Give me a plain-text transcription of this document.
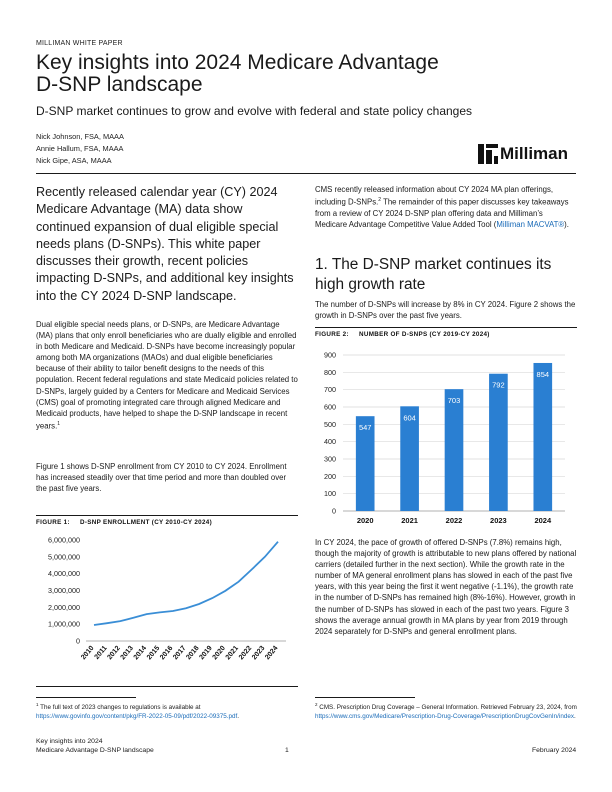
MILLIMAN WHITE PAPER
Key insights into 2024 Medicare Advantage D-SNP landscape
D-SNP market continues to grow and evolve with federal and state policy changes
Nick Johnson, FSA, MAAA
Annie Hallum, FSA, MAAA
Nick Gipe, ASA, MAAA	Milliman
Recently released calendar year (CY) 2024 Medicare Advantage (MA) data show continued expansion of dual eligible special needs plans (D-SNPs). This white paper discusses their growth, recent policies impacting D-SNPs, and additional key insights into the CY 2024 D-SNP landscape.
Dual eligible special needs plans, or D-SNPs, are Medicare Advantage (MA) plans that only enroll beneficiaries who are dually eligible and enrolled in both Medicare and Medicaid. D-SNPs have become increasingly popular among both MA organizations (MAOs) and dual eligible beneficiaries because of their ability to tailor benefit designs to the needs of this population. Recent federal regulations and state Medicaid policies related to D-SNPs, largely guided by a Centers for Medicare and Medicaid Services (CMS) goal of promoting integrated care through aligned Medicare and Medicaid products, have helped to shape the D-SNP landscape in recent years.$^1$
Figure 1 shows D-SNP enrollment from CY 2010 to CY 2024. Enrollment has increased steadily over that time period and more than doubled over the past five years.
FIGURE 1: D-SNP ENROLLMENT (CY 2010-CY 2024)
6,000,000
5,000,000
4,000,000
3,000,000
2,000,000
1,000,000
0
2010
2011
2012
2013
2014
2015
2016
2017
2018
2019
2020
2021
2022
2023
2024
CMS recently released information about CY 2024 MA plan offerings, including D-SNPs.$^2$ The remainder of this paper discusses key takeaways from a review of CY 2024 D-SNP plan offering data and Milliman’s Medicare Advantage Competitive Value Added Tool (Milliman MACVAT®).
1. The D-SNP market continues its high growth rate
The number of D-SNPs will increase by 8% in CY 2024. Figure 2 shows the growth in D-SNPs over the past five years.
FIGURE 2: NUMBER OF D-SNPS (CY 2019-CY 2024)
900
800
700
600
500
400
300
200
100
0
547
604
703
792
854
2020	2021	2022	2023	2024
In CY 2024, the pace of growth of offered D-SNPs (7.8%) remains high, though the majority of growth is attributable to new plans offered by national carriers (detailed further in the next section). While the growth rate in the number of MA general enrollment plans has slowed in each of the past five years, with this year being the first it went negative (-1.1%), the growth rate in the number of D-SNPs has remained high (8%-16%). However, growth in the number of D-SNPs has slowed in each of the past two years. Figure 3 shows the average annual growth in MA plans by year from 2019 through 2024 separately for D-SNPs and general enrollment plans.
$^1$ The full text of 2023 changes to regulations is available at
https://www.govinfo.gov/content/pkg/FR-2022-05-09/pdf/2022-09375.pdf.
$^2$ CMS. Prescription Drug Coverage – General Information. Retrieved February 23, 2024, from https://www.cms.gov/Medicare/Prescription-Drug-Coverage/PrescriptionDrugCovGenIn/index.
Key insights into 2024
Medicare Advantage D-SNP landscape	1	February 2024
